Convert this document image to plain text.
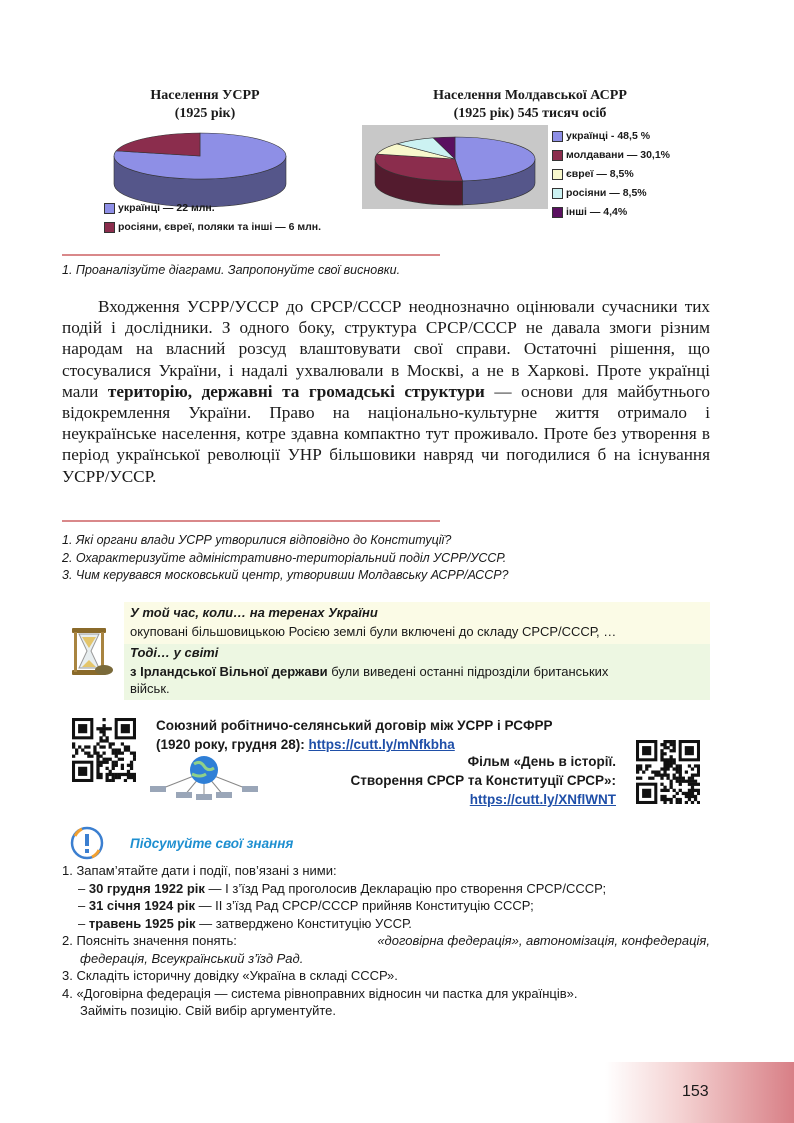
Населення УСРР
(1925 рік)
українці — 22 млн.
росіяни, євреї, поляки та інші — 6 млн.
Населення Молдавської АСРР
(1925 рік) 545 тисяч осіб
українці - 48,5 %
молдавани — 30,1%
євреї — 8,5%
росіяни — 8,5%
інші — 4,4%
1. Проаналізуйте діаграми. Запропонуйте свої висновки.

Входження УСРР/УССР до СРСР/СССР неоднозначно оцінювали сучасники тих подій і дослідники. З одного боку, структура СРСР/СССР не давала змоги різним народам на власний розсуд влаштовувати свої справи. Остаточні рішення, що стосувалися України, і надалі ухвалювали в Москві, а не в Харкові. Проте українці мали територію, державні та громадські структури — основи для майбутнього відокремлення України. Право на національно-культурне життя отримало і неукраїнське населення, котре здавна компактно тут проживало. Проте без утворення в період української революції УНР більшовики навряд чи погодилися б на існування УСРР/УССР.

1. Які органи влади УСРР утворилися відповідно до Конституції?
2. Охарактеризуйте адміністративно-територіальний поділ УСРР/УССР.
3. Чим керувався московський центр, утворивши Молдавську АСРР/АССР?
У той час, коли… на теренах України
окуповані більшовицькою Росією землі були включені до складу СРСР/СССР, …
Тоді… у світі
з Ірландської Вільної держави були виведені останні підрозділи британських
військ.
Союзний робітничо-селянський договір між УСРР і РСФРР
(1920 року, грудня 28): https://cutt.ly/mNfkbha
Фільм «День в історії.
Створення СРСР та Конституції СРСР»:
https://cutt.ly/XNflWNT
Підсумуйте свої знання
1. Запам’ятайте дати і події, пов’язані з ними:
– 30 грудня 1922 рік — I з’їзд Рад проголосив Декларацію про створення СРСР/СССР;
– 31 січня 1924 рік — II з’їзд Рад СРСР/СССР прийняв Конституцію СССР;
– травень 1925 рік — затверджено Конституцію УССР.
2. Поясніть значення понять:	«договірна федерація», автономізація, конфедерація,
федерація, Всеукраїнський з’їзд Рад.
3. Складіть історичну довідку «Україна в складі СССР».
4. «Договірна федерація — система рівноправних відносин чи пастка для українців».
Займіть позицію. Свій вибір аргументуйте.
153
